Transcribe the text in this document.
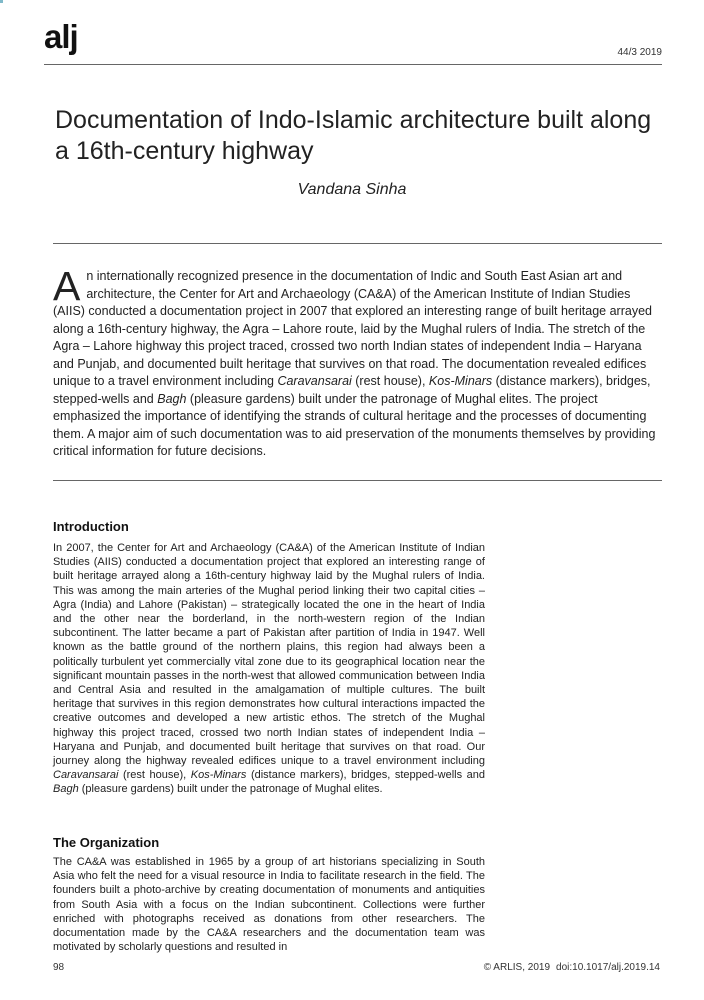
alj	44/3 2019
Documentation of Indo-Islamic architecture built along a 16th-century highway
Vandana Sinha

An internationally recognized presence in the documentation of Indic and South East Asian art and architecture, the Center for Art and Archaeology (CA&A) of the American Institute of Indian Studies (AIIS) conducted a documentation project in 2007 that explored an interesting range of built heritage arrayed along a 16th-century highway, the Agra – Lahore route, laid by the Mughal rulers of India. The stretch of the Agra – Lahore highway this project traced, crossed two north Indian states of independent India – Haryana and Punjab, and documented built heritage that survives on that road. The documentation revealed edifices unique to a travel environment including Caravansarai (rest house), Kos-Minars (distance markers), bridges, stepped-wells and Bagh (pleasure gardens) built under the patronage of Mughal elites. The project emphasized the importance of identifying the strands of cultural heritage and the processes of documenting them. A major aim of such documentation was to aid preservation of the monuments themselves by providing critical information for future decisions.

Introduction

In 2007, the Center for Art and Archaeology (CA&A) of the American Institute of Indian Studies (AIIS) conducted a documentation project that explored an interesting range of built heritage arrayed along a 16th-century highway laid by the Mughal rulers of India. This was among the main arteries of the Mughal period linking their two capital cities – Agra (India) and Lahore (Pakistan) – strategically located the one in the heart of India and the other near the borderland, in the north-western region of the Indian subcontinent. The latter became a part of Pakistan after partition of India in 1947. Well known as the battle ground of the northern plains, this region had always been a politically turbulent yet commercially vital zone due to its geographical location near the significant mountain passes in the north-west that allowed communication between India and Central Asia and resulted in the amalgamation of multiple cultures. The built heritage that survives in this region demonstrates how cultural interactions impacted the creative outcomes and developed a new artistic ethos. The stretch of the Mughal highway this project traced, crossed two north Indian states of independent India – Haryana and Punjab, and documented built heritage that survives on that road. Our journey along the highway revealed edifices unique to a travel environment including Caravansarai (rest house), Kos-Minars (distance markers), bridges, stepped-wells and Bagh (pleasure gardens) built under the patronage of Mughal elites.

The Organization

The CA&A was established in 1965 by a group of art historians specializing in South Asia who felt the need for a visual resource in India to facilitate research in the field. The founders built a photo-archive by creating documentation of monuments and antiquities from South Asia with a focus on the Indian subcontinent. Collections were further enriched with photographs received as donations from other researchers. The documentation made by the CA&A researchers and the documentation team was motivated by scholarly questions and resulted in

98	© ARLIS, 2019 doi:10.1017/alj.2019.14
